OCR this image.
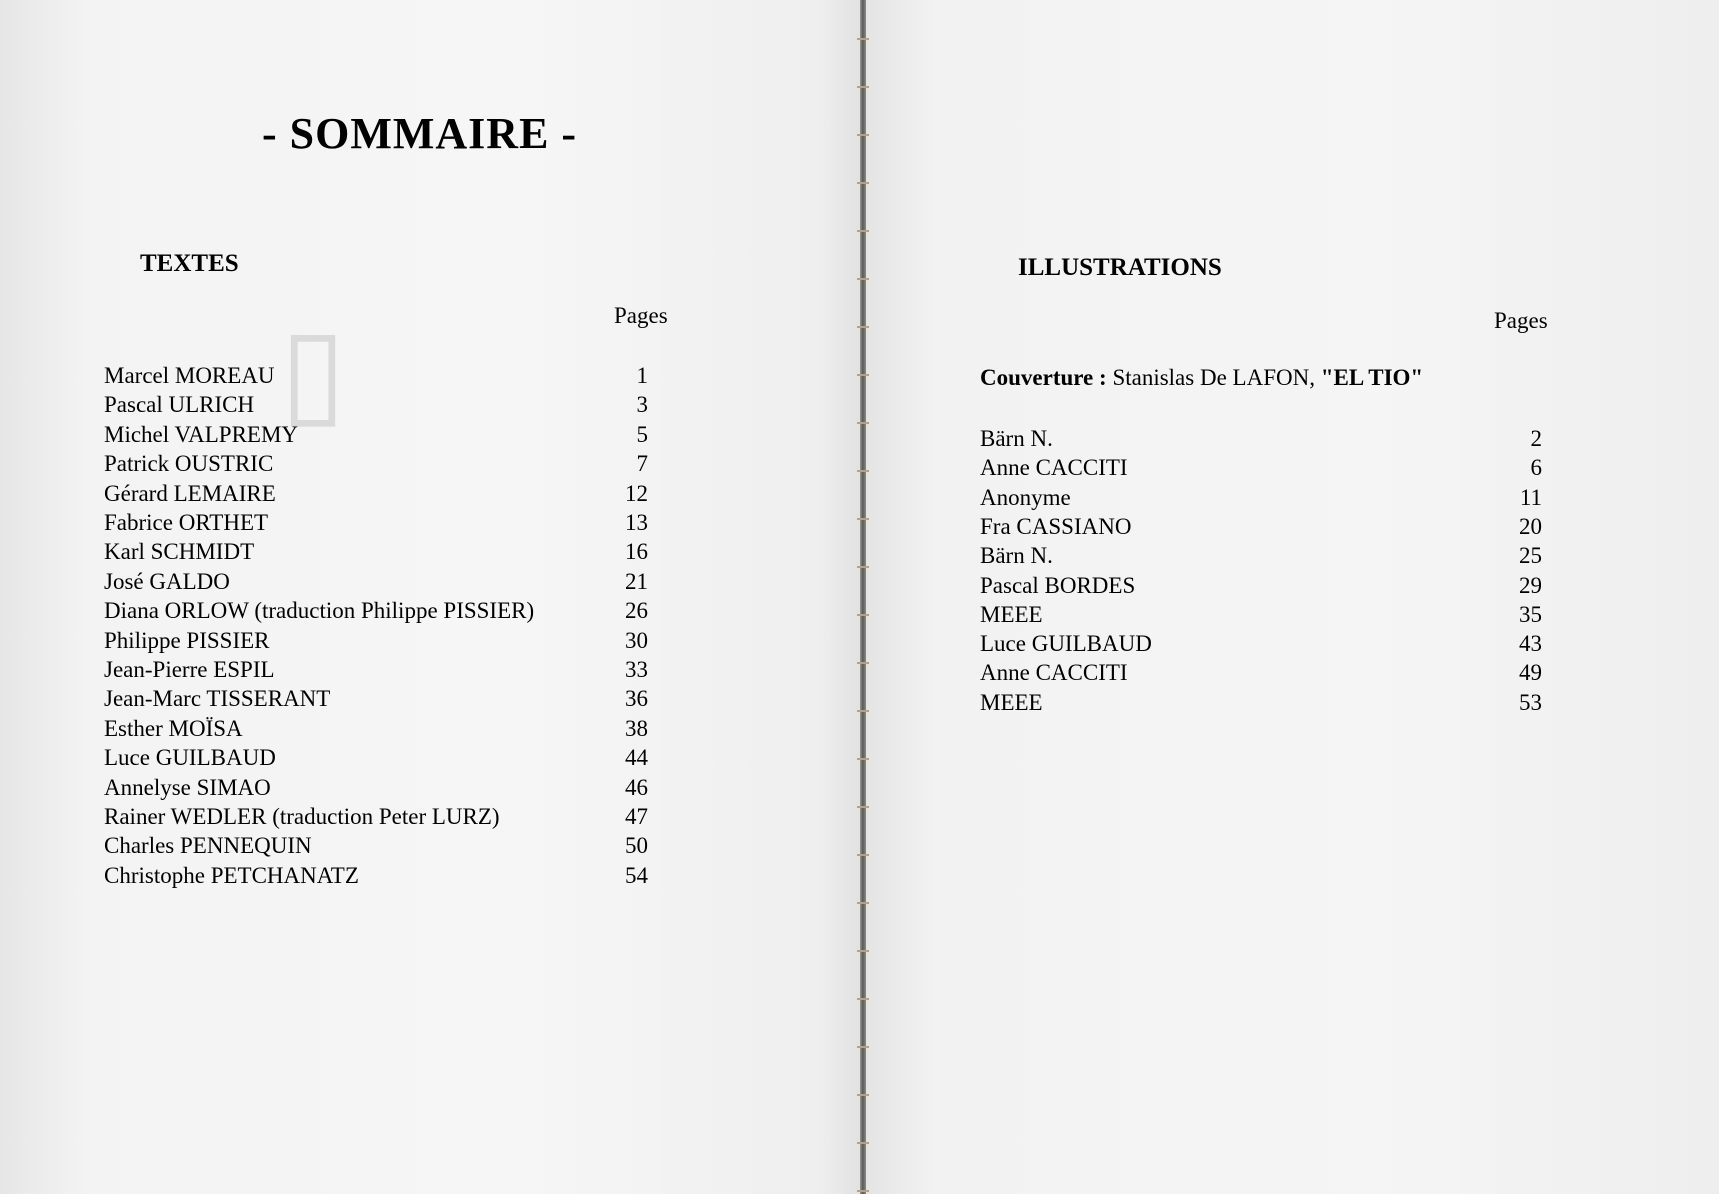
▯
- SOMMAIRE -
TEXTES
Pages
Marcel MOREAU	1
Pascal ULRICH	3
Michel VALPREMY	5
Patrick OUSTRIC	7
Gérard LEMAIRE	12
Fabrice ORTHET	13
Karl SCHMIDT	16
José GALDO	21
Diana ORLOW (traduction Philippe PISSIER)	26
Philippe PISSIER	30
Jean-Pierre ESPIL	33
Jean-Marc TISSERANT	36
Esther MOÏSA	38
Luce GUILBAUD	44
Annelyse SIMAO	46
Rainer WEDLER (traduction Peter LURZ)	47
Charles PENNEQUIN	50
Christophe PETCHANATZ	54
ILLUSTRATIONS
Pages
Couverture : Stanislas De LAFON, "EL TIO"
Bärn N.	2
Anne CACCITI	6
Anonyme	11
Fra CASSIANO	20
Bärn N.	25
Pascal BORDES	29
MEEE	35
Luce GUILBAUD	43
Anne CACCITI	49
MEEE	53
